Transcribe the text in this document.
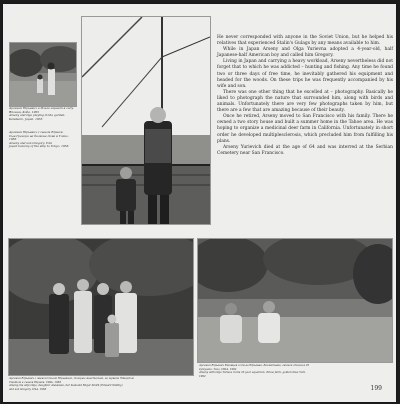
Арсений Юрьевич и Ильга играют в саду.
Япония, Кобе. 1955
Arseny and Ilga playing in the garden.
Kandeero, Japan. 1955
Арсений Юрьевич с сыном Юрием.
Сын Грегори на балконе дома в Токио.
1956
Arseny and son Gregory. Toki
Japan balcony of the ship to Tokyo. 1956

He never corresponded with anyone in the Soviet Union, but he helped his relatives that experienced Stalin's Gulags by any means available to him.

While in Japan Arseny and Olga Yurievna adopted a 4-year-old, half Japanese-half American boy and called him Gregory.

Living in Japan and carrying a heavy workload, Arseny nevertheless did not forget that to which he was addicted – hunting and fishing. Any time he found two or three days of free time, he inevitably gathered his equipment and headed for the woods. On these trips he was frequently accompanied by his wife and son.

There was one other thing that he excelled at – photography. Basically he liked to photograph the nature that surrounded him, along with birds and animals. Unfortunately there are very few photographs taken by him, but there are a few that are amazing because of their beauty.

Once he retired, Arseny moved to San Francisco with his family. There he owned a two story house and built a summer home in the Tahoe area. He was hoping to organize a medicinal deer farm in California. Unfortunately in short order he developed multiplesclerosis, which precluded him from fulfilling his plans.

Arseny Yurievich died at the age of 64 and was interred at the Serbian Cemetery near San Francisco.

Арсений Юрьевич с женой Ольгой Юрьевной, дочерью Анастасией, ее мужем Эдвардом
Смитом и сыном Юрием. США. 1963
Arseny, his wife Olga, daughter Anastasia, her husband Edgar Smith (Edward Smithy)
and son Gregory. USA. 1963
Арсений Юрьевич Вшивцев и Ольга Юрьевна, Бахметьева, снимок сделан в 25
кутушки. Тахо, США. 1962
Arseny with Olga Yurieva in his 25 year aquarium. Tahoe farm, golden New York.
1962
199
